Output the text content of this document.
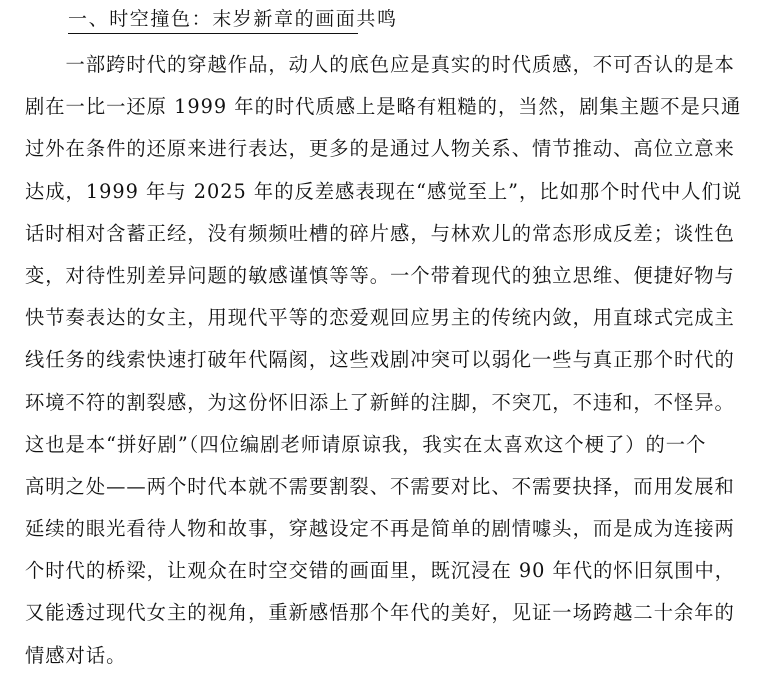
一、时空撞色：末岁新章的画面共鸣
　　一部跨时代的穿越作品，动人的底色应是真实的时代质感，不可否认的是本
剧在一比一还原 1999 年的时代质感上是略有粗糙的，当然，剧集主题不是只通
过外在条件的还原来进行表达，更多的是通过人物关系、情节推动、高位立意来
达成，1999 年与 2025 年的反差感表现在“感觉至上”，比如那个时代中人们说
话时相对含蓄正经，没有频频吐槽的碎片感，与林欢儿的常态形成反差；谈性色
变，对待性别差异问题的敏感谨慎等等。一个带着现代的独立思维、便捷好物与
快节奏表达的女主，用现代平等的恋爱观回应男主的传统内敛，用直球式完成主
线任务的线索快速打破年代隔阂，这些戏剧冲突可以弱化一些与真正那个时代的
环境不符的割裂感，为这份怀旧添上了新鲜的注脚，不突兀，不违和，不怪异。
这也是本“拼好剧”（四位编剧老师请原谅我，我实在太喜欢这个梗了）的一个
高明之处——两个时代本就不需要割裂、不需要对比、不需要抉择，而用发展和
延续的眼光看待人物和故事，穿越设定不再是简单的剧情噱头，而是成为连接两
个时代的桥梁，让观众在时空交错的画面里，既沉浸在 90 年代的怀旧氛围中，
又能透过现代女主的视角，重新感悟那个年代的美好，见证一场跨越二十余年的
情感对话。
